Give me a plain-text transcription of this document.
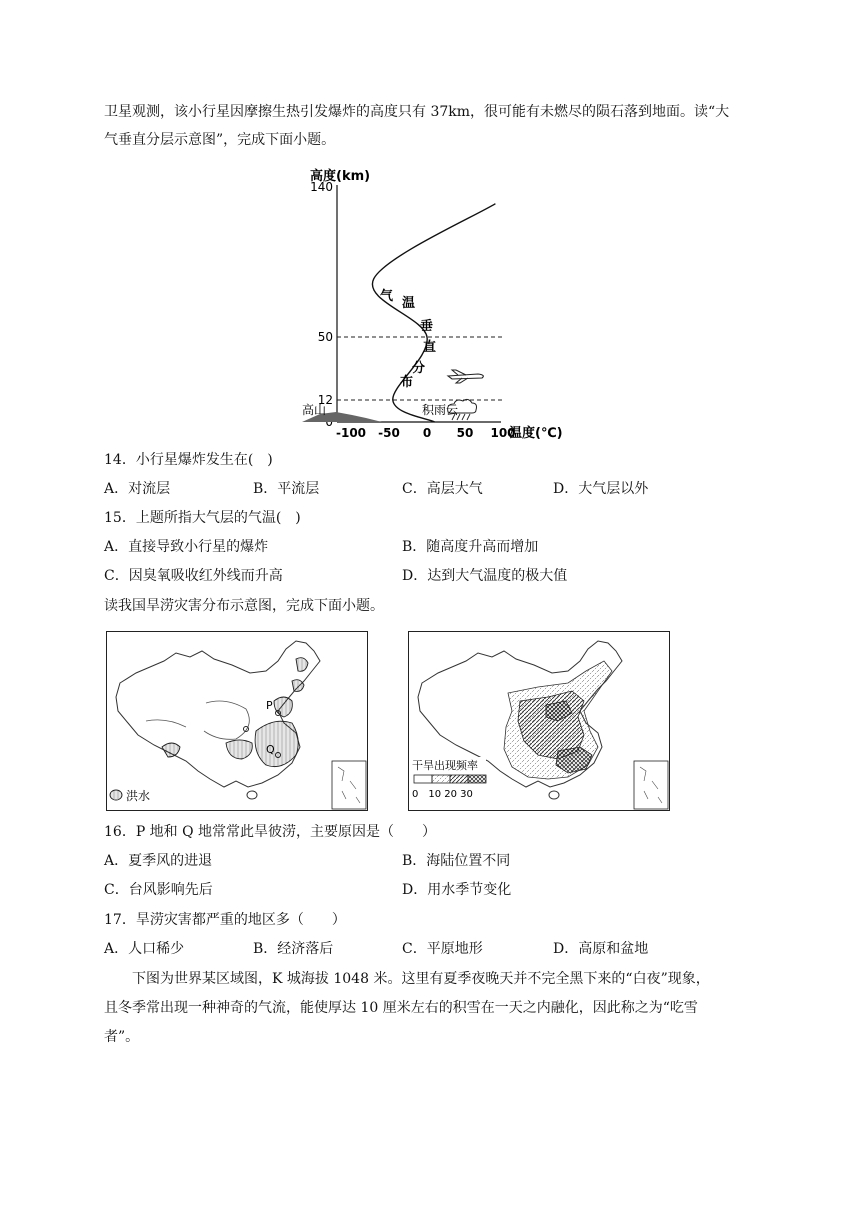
卫星观测，该小行星因摩擦生热引发爆炸的高度只有 37km，很可能有未燃尽的陨石落到地面。读“大
气垂直分层示意图”，完成下面小题。
12
50
140
-100 -50 0 50 100
高度(km)
温度(℃)
气 温
垂
直
分
布
高山	积雨云
14．小行星爆炸发生在(　)
A．对流层	B．平流层	C．高层大气	D．大气层以外
15．上题所指大气层的气温(　)
A．直接导致小行星的爆炸	B．随高度升高而增加
C．因臭氧吸收红外线而升高	D．达到大气温度的极大值
读我国旱涝灾害分布示意图，完成下面小题。
P
Q
洪水
干旱出现频率
0　10 20 30
16．P 地和 Q 地常常此旱彼涝，主要原因是（　　）
A．夏季风的进退	B．海陆位置不同
C．台风影响先后	D．用水季节变化
17．旱涝灾害都严重的地区多（　　）
A．人口稀少	B．经济落后	C．平原地形	D．高原和盆地
下图为世界某区域图，K 城海拔 1048 米。这里有夏季夜晚天并不完全黑下来的“白夜”现象，
且冬季常出现一种神奇的气流，能使厚达 10 厘米左右的积雪在一天之内融化，因此称之为“吃雪
者”。
